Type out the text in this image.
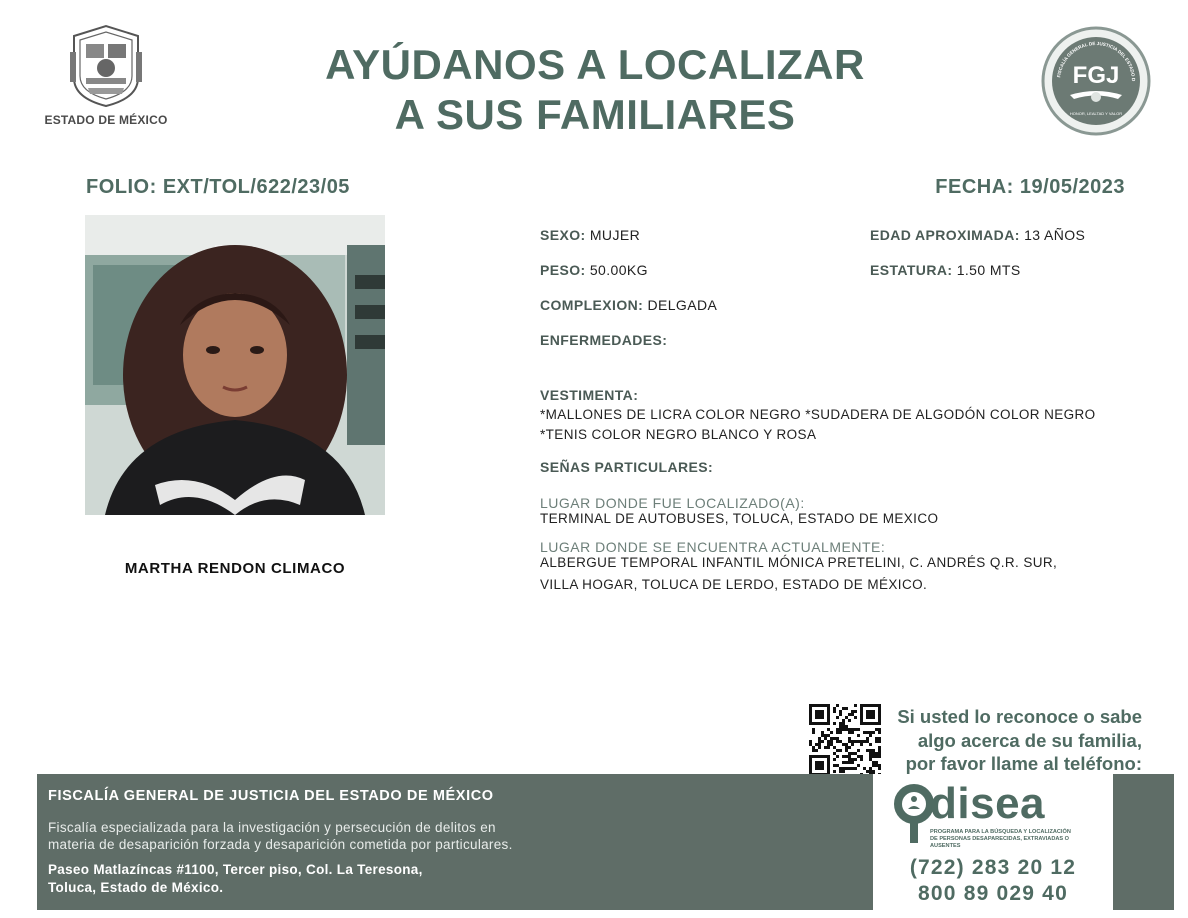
ESTADO DE MÉXICO
AYÚDANOS A LOCALIZAR
A SUS FAMILIARES
FISCALÍA GENERAL DE JUSTICIA DEL ESTADO D
FGJ
HONOR, LEALTAD Y VALOR
FOLIO: EXT/TOL/622/23/05	FECHA: 19/05/2023
MARTHA RENDON CLIMACO
SEXO: MUJER	EDAD APROXIMADA: 13 AÑOS
PESO: 50.00KG	ESTATURA: 1.50 MTS
COMPLEXION: DELGADA
ENFERMEDADES:
VESTIMENTA:
*MALLONES DE LICRA COLOR NEGRO *SUDADERA DE ALGODÓN COLOR NEGRO
*TENIS COLOR NEGRO BLANCO Y ROSA
SEÑAS PARTICULARES:
LUGAR DONDE FUE LOCALIZADO(A):
TERMINAL DE AUTOBUSES, TOLUCA, ESTADO DE MEXICO
LUGAR DONDE SE ENCUENTRA ACTUALMENTE:
ALBERGUE TEMPORAL INFANTIL MÓNICA PRETELINI, C. ANDRÉS Q.R. SUR,
VILLA HOGAR, TOLUCA DE LERDO, ESTADO DE MÉXICO.
Si usted lo reconoce o sabe
algo acerca de su familia,
por favor llame al teléfono:
FISCALÍA GENERAL DE JUSTICIA DEL ESTADO DE MÉXICO
Fiscalía especializada para la investigación y persecución de delitos en
materia de desaparición forzada y desaparición cometida por particulares.
Paseo Matlazíncas #1100, Tercer piso, Col. La Teresona,
Toluca, Estado de México.
disea
PROGRAMA PARA LA BÚSQUEDA Y LOCALIZACIÓN
DE PERSONAS DESAPARECIDAS, EXTRAVIADAS O
AUSENTES
(722) 283 20 12
800 89 029 40
